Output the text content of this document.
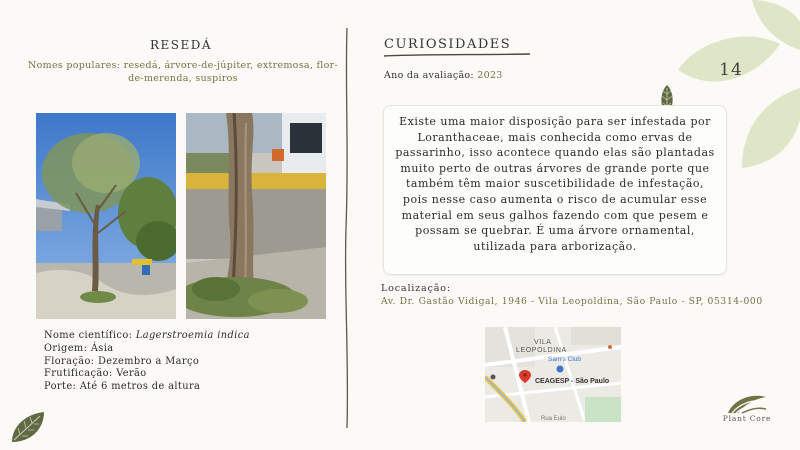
14
RESEDÁ
Nomes populares: resedá, árvore-de-júpiter, extremosa, flor-de-merenda, suspiros
Nome científico: Lagerstroemia indica
Origem: Ásia
Floração: Dezembro a Março
Frutificação: Verão
Porte: Até 6 metros de altura
CURIOSIDADES
Ano da avaliação: 2023
Existe uma maior disposição para ser infestada por Loranthaceae, mais conhecida como ervas de passarinho, isso acontece quando elas são plantadas muito perto de outras árvores de grande porte que também têm maior suscetibilidade de infestação, pois nesse caso aumenta o risco de acumular esse material em seus galhos fazendo com que pesem e possam se quebrar. É uma árvore ornamental, utilizada para arborização.
Localização:
Av. Dr. Gastão Vidigal, 1946 - Vila Leopoldina, São Paulo - SP, 05314-000
VILA
LEOPOLDINA
Sam's Club
CEAGESP - São Paulo
Rua Eulo	Plant Core
